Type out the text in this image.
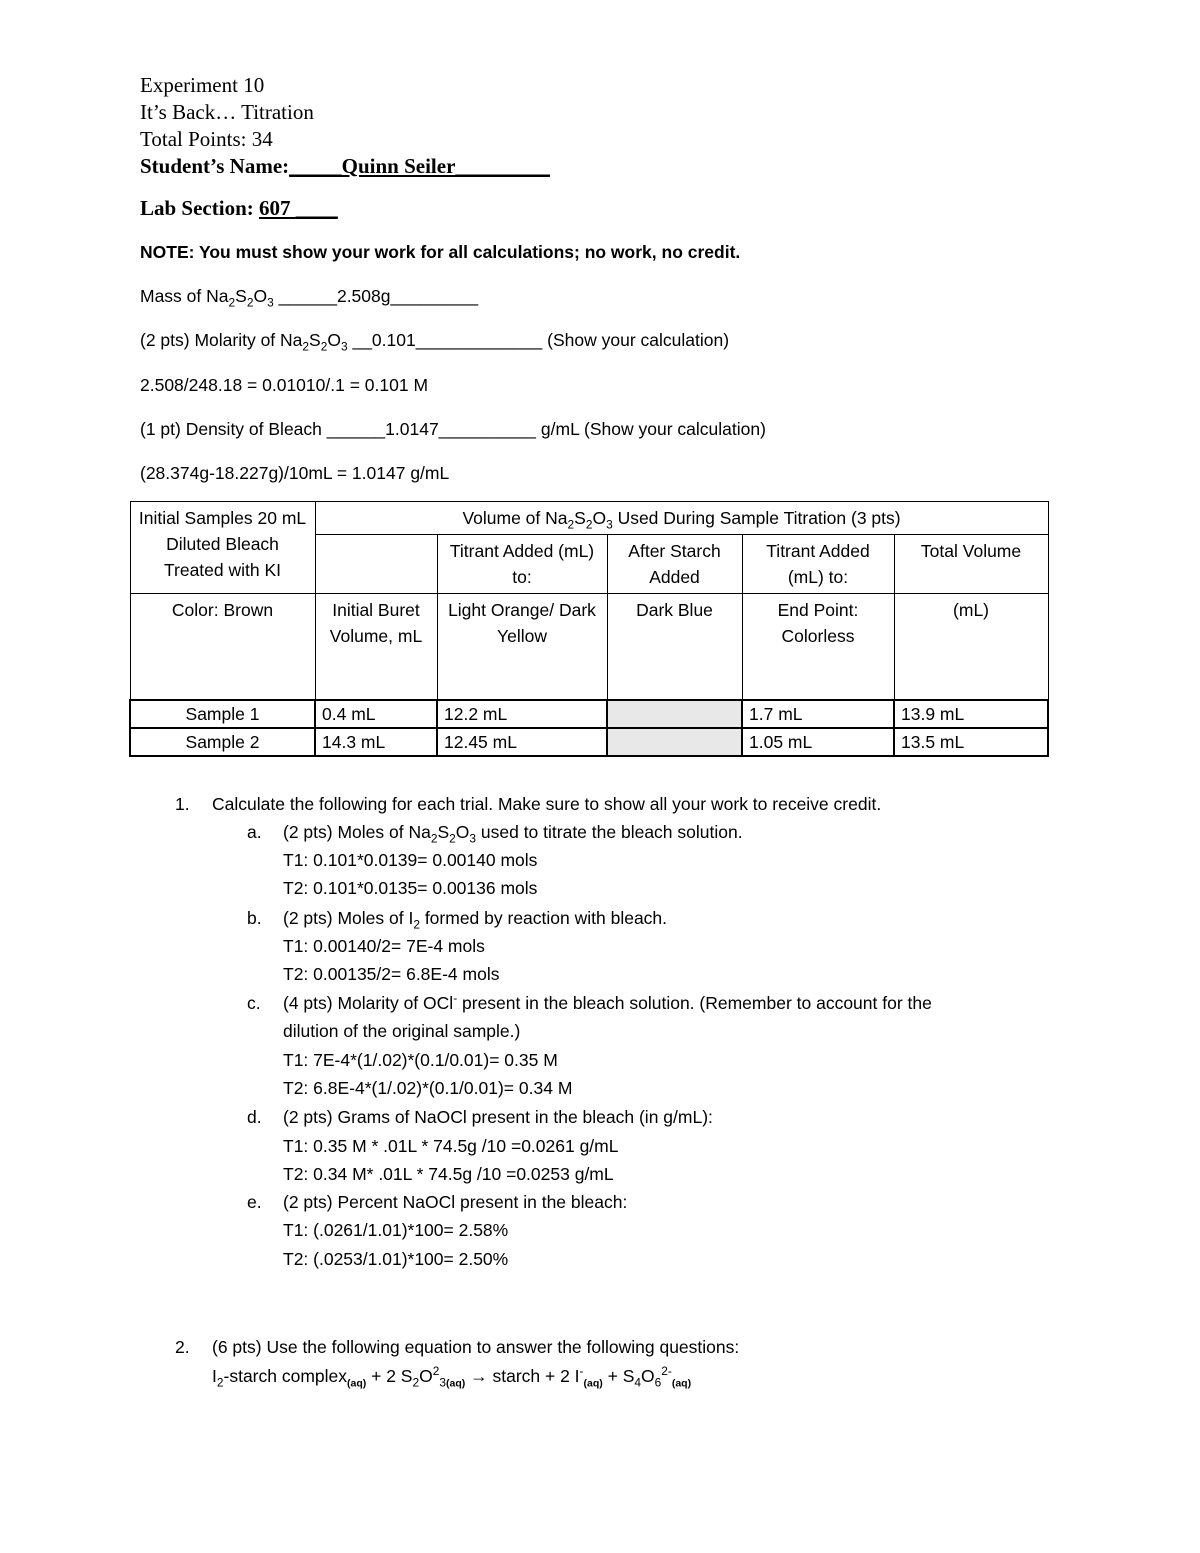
Experiment 10
It’s Back… Titration
Total Points: 34
Student’s Name:_____Quinn Seiler_________
Lab Section: 607 ____
NOTE: You must show your work for all calculations; no work, no credit.
Mass of $Na_2S_2O_3$ ______2.508g_________
(2 pts) Molarity of $Na_2S_2O_3$ __0.101_____________ (Show your calculation)
2.508/248.18 = 0.01010/.1 = 0.101 M
(1 pt) Density of Bleach ______1.0147__________ g/mL (Show your calculation)
(28.374g-18.227g)/10mL = 1.0147 g/mL
Initial Samples 20 mL Diluted Bleach Treated with KI	Volume of $Na_2S_2O_3$ Used During Sample Titration (3 pts)				
		Titrant Added (mL) to:	After Starch Added	Titrant Added (mL) to:	Total Volume
Color: Brown	Initial Buret Volume, mL	Light Orange/ Dark Yellow	Dark Blue	End Point: Colorless	(mL)
Sample 1	0.4 mL	12.2 mL		1.7 mL	13.9 mL
Sample 2	14.3 mL	12.45 mL		1.05 mL	13.5 mL
1. Calculate the following for each trial. Make sure to show all your work to receive credit.
a. (2 pts) Moles of $Na_2S_2O_3$ used to titrate the bleach solution.
T1: 0.101*0.0139= 0.00140 mols
T2: 0.101*0.0135= 0.00136 mols
b. (2 pts) Moles of $I_2$ formed by reaction with bleach.
T1: 0.00140/2= 7E-4 mols
T2: 0.00135/2= 6.8E-4 mols
c. (4 pts) Molarity of OCl- present in the bleach solution. (Remember to account for the
dilution of the original sample.)
T1: 7E-4*(1/.02)*(0.1/0.01)= 0.35 M
T2: 6.8E-4*(1/.02)*(0.1/0.01)= 0.34 M
d. (2 pts) Grams of NaOCl present in the bleach (in g/mL):
T1: 0.35 M * .01L * 74.5g /10 =0.0261 g/mL
T2: 0.34 M* .01L * 74.5g /10 =0.0253 g/mL
e. (2 pts) Percent NaOCl present in the bleach:
T1: (.0261/1.01)*100= 2.58%
T2: (.0253/1.01)*100= 2.50%
2. (6 pts) Use the following equation to answer the following questions:
$I_2$-starch complex$_{(aq)}$ + 2 $S_2O^2_{3(aq)}$ → starch + 2 $I^-_{(aq)} + S_4O_6^{2-}_{(aq)}$
